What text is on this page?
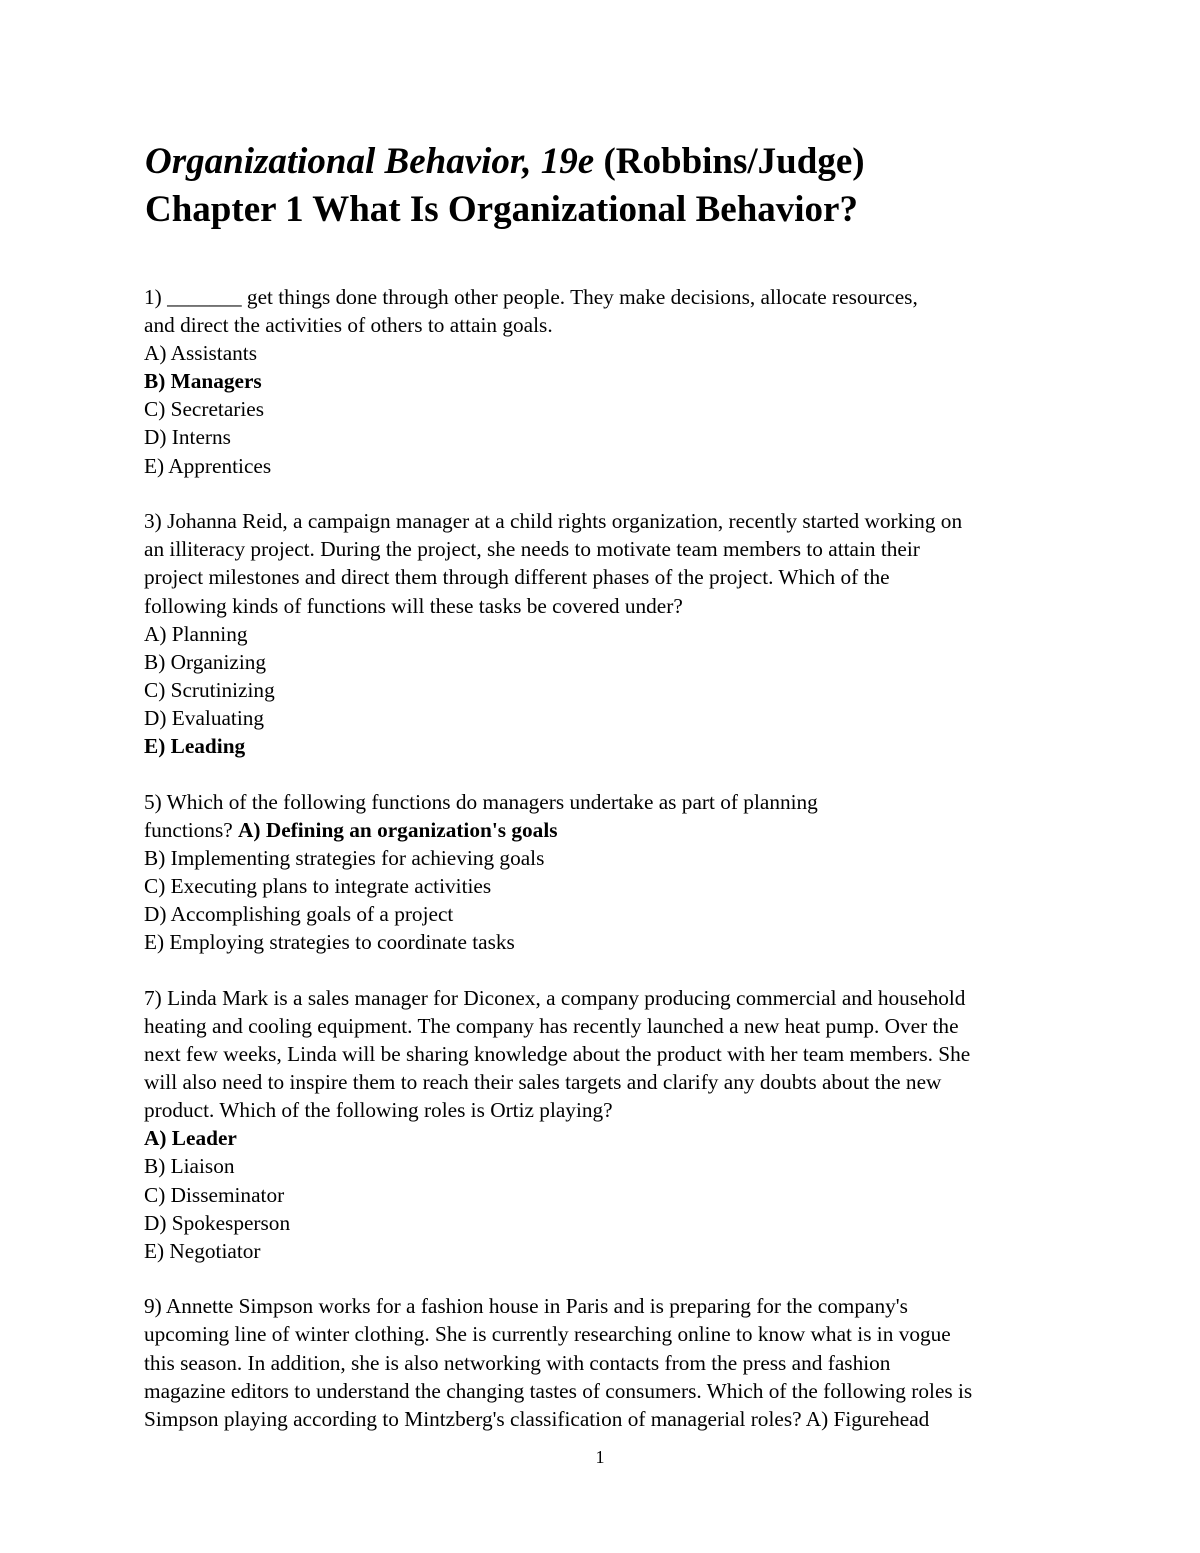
Organizational Behavior, 19e (Robbins/Judge)
Chapter 1 What Is Organizational Behavior?

1) _______ get things done through other people. They make decisions, allocate resources,

and direct the activities of others to attain goals.

A) Assistants

B) Managers

C) Secretaries

D) Interns

E) Apprentices

3) Johanna Reid, a campaign manager at a child rights organization, recently started working on

an illiteracy project. During the project, she needs to motivate team members to attain their

project milestones and direct them through different phases of the project. Which of the

following kinds of functions will these tasks be covered under?

A) Planning

B) Organizing

C) Scrutinizing

D) Evaluating

E) Leading

5) Which of the following functions do managers undertake as part of planning

functions? A) Defining an organization's goals

B) Implementing strategies for achieving goals

C) Executing plans to integrate activities

D) Accomplishing goals of a project

E) Employing strategies to coordinate tasks

7) Linda Mark is a sales manager for Diconex, a company producing commercial and household

heating and cooling equipment. The company has recently launched a new heat pump. Over the

next few weeks, Linda will be sharing knowledge about the product with her team members. She

will also need to inspire them to reach their sales targets and clarify any doubts about the new

product. Which of the following roles is Ortiz playing?

A) Leader

B) Liaison

C) Disseminator

D) Spokesperson

E) Negotiator

9) Annette Simpson works for a fashion house in Paris and is preparing for the company's

upcoming line of winter clothing. She is currently researching online to know what is in vogue

this season. In addition, she is also networking with contacts from the press and fashion

magazine editors to understand the changing tastes of consumers. Which of the following roles is

Simpson playing according to Mintzberg's classification of managerial roles? A) Figurehead

1
